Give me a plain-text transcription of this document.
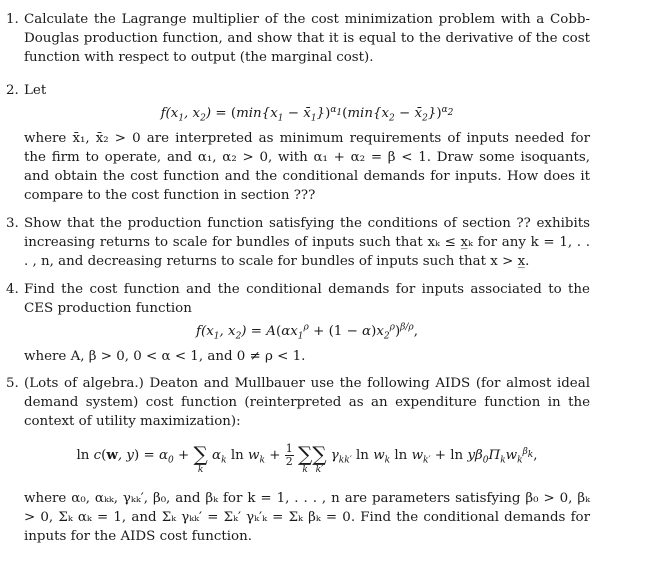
1. Calculate the Lagrange multiplier of the cost minimization problem with a Cobb-Douglas production function, and show that it is equal to the derivative of the cost function with respect to output (the marginal cost).

2. Let

$f(x_1$, $x_2) = (\min\{x_1$ − $x̄_1\})^{\alpha_1}(\min\{x_2$ − $x̄_2\})^{\alpha_2}$

where x̄₁, x̄₂ > 0 are interpreted as minimum requirements of inputs needed for the firm to operate, and α₁, α₂ > 0, with α₁ + α₂ = β < 1. Draw some isoquants, and obtain the cost function and the conditional demands for inputs. How does it compare to the cost function in section ???

3. Show that the production function satisfying the conditions of section ?? exhibits increasing returns to scale for bundles of inputs such that xₖ ≤ x̲ₖ for any k = 1, . . . , n, and decreasing returns to scale for bundles of inputs such that x > x̲.

4. Find the cost function and the conditional demands for inputs associated to the CES production function

$f(x_1$, $x_2) = A(\alpha x_1^\rho + (1 - \alpha)x_2^\rho)^{\beta/\rho}$,

where A, β > 0, 0 < α < 1, and 0 ≠ ρ < 1.

5. (Lots of algebra.) Deaton and Mullbauer use the following AIDS (for almost ideal demand system) cost function (reinterpreted as an expenditure function in the context of utility maximization):

ln c(w, $y) = \alpha_0$ + ∑
k
$\alpha_k$ $\ln w_k + \frac{1}{2}$ ∑
k
∑
k′
$\gamma_{kk'}$ $\ln w_k$ $\ln w_{k'} + \ln y\beta_0\Pi_kw_k^{\beta_k}$,

where α₀, αₖₖ, γₖₖ′, β₀, and βₖ for k = 1, . . . , n are parameters satisfying β₀ > 0, βₖ > 0, Σₖ αₖ = 1, and Σₖ γₖₖ′ = Σₖ′ γₖ′ₖ = Σₖ βₖ = 0. Find the conditional demands for inputs for the AIDS cost function.
